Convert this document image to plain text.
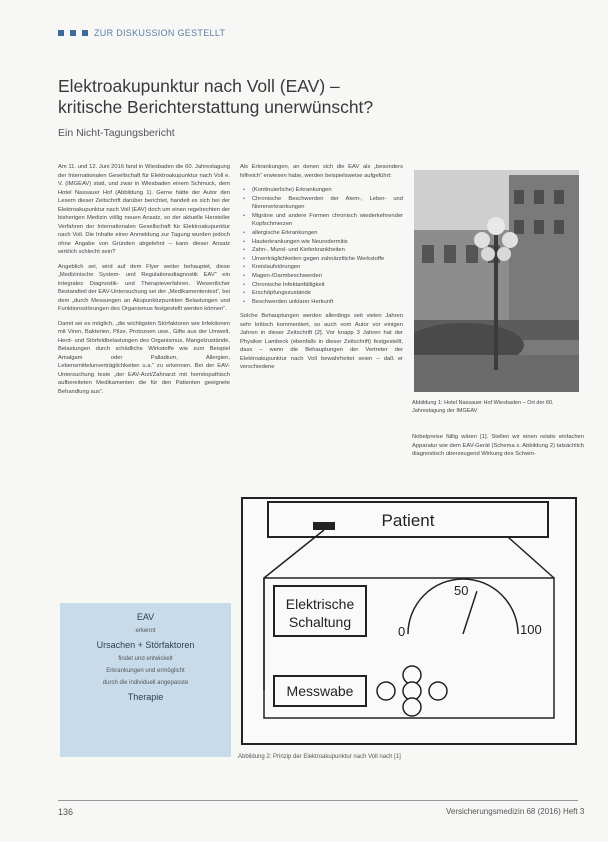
ZUR DISKUSSION GESTELLT
Elektroakupunktur nach Voll (EAV) –
kritische Berichterstattung unerwünscht?
Ein Nicht-Tagungsbericht

Am 11. und 12. Juni 2016 fand in Wiesbaden die 60. Jahrestagung der Internationalen Gesellschaft für Elektroakupunktur nach Voll e. V. (IMGEAV) statt, und zwar in Wiesbaden einem Schmuck, dem Hotel Nassauer Hof (Abbildung 1). Gerne hätte der Autor den Lesern dieser Zeitschrift darüber berichtet, handelt es sich bei der Elektroakupunktur nach Voll (EAV) doch um einen regelrechten der bisherigen Medizin völlig neuen Ansatz, so der aktuelle Hersteller Verfahren der Internationalen Gesellschaft für Elektroakupunktur nach Voll. Die Inhalte einer Anmeldung zur Tagung wurden jedoch ohne Angabe von Gründen abgelehnt – kann dieser Ansatz wirklich schlecht sein?

Angeblich sei, wird auf dem Flyer weiter behauptet, diese „Medizinische System- und Regulationsdiagnostik EAV“ ein integrales Diagnostik- und Therapieverfahren. Wesentlicher Bestandteil der EAV-Untersuchung sei der „Medikamententest“, bei dem „durch Messungen an Akupunkturpunkten Belastungen und Funktionsstörungen des Organismus festgestellt werden können“.

Damit sei es möglich, „die wichtigsten Störfaktoren wie Infektionen mit Viren, Bakterien, Pilze, Protozoen usw., Gifte aus der Umwelt, Herd- und Störfeldbelastungen des Organismus, Mangelzustände, Belastungen durch schädliche Wirkstoffe wie zum Beispiel Amalgam oder Palladium, Allergien, Lebensmittelunverträglichkeiten u.a.“ zu erkennen. Bei der EAV-Untersuchung teste „der EAV-Arzt/Zahnarzt mit homöopathisch aufbereiteten Medikamenten die für den Patienten geeignete Behandlung aus“.

Als Erkrankungen, an denen sich die EAV als „besonders hilfreich“ erwiesen habe, werden beispielsweise aufgeführt:

• (Kontinuierliche) Erkrankungen
• Chronische Beschwerden der Atem-, Leber- und Nierenerkrankungen
• Migräne und andere Formen chronisch wiederkehrender Kopfschmerzen
• allergische Erkrankungen
• Hauterkrankungen wie Neurodermitis
• Zahn-, Mund- und Kieferkrankheiten
• Unverträglichkeiten gegen zahnärztliche Werkstoffe
• Kreislaufstörungen
• Magen-/Darmbeschwerden
• Chronische Infektanfälligkeit
• Erschöpfungszustände
• Beschwerden unklarer Herkunft

Solche Behauptungen werden allerdings seit vielen Jahren sehr kritisch kommentiert, so auch vom Autor vor einigen Jahren in dieser Zeitschrift [2]. Vor knapp 3 Jahren hat der Physiker Lambeck (ebenfalls in dieser Zeitschrift) festgestellt, dass – wenn die Behauptungen der Vertreter der Elektroakupunktur nach Voll bewahrheitet seien – daß er verschiedene

Abbildung 1: Hotel Nassauer Hof Wiesbaden – Ort der 60. Jahrestagung der IMGEAV

Nobelpreise fällig wären [1]. Stellen wir einen relativ einfachen Apparatur wie dem EAV-Gerät (Schema s. Abbildung 2) tatsächlich diagnostisch überzeugend Wirkung des Schwin-

EAV
erkennt
Ursachen + Störfaktoren
findet und entwickelt
Erkrankungen und ermöglicht
durch die individuell angepasste
Therapie
Patient
Elektrische
Schaltung
0
50
100
Messwabe
Abbildung 2: Prinzip der Elektroakupunktur nach Voll nach [1]
136	Versicherungsmedizin 68 (2016) Heft 3
